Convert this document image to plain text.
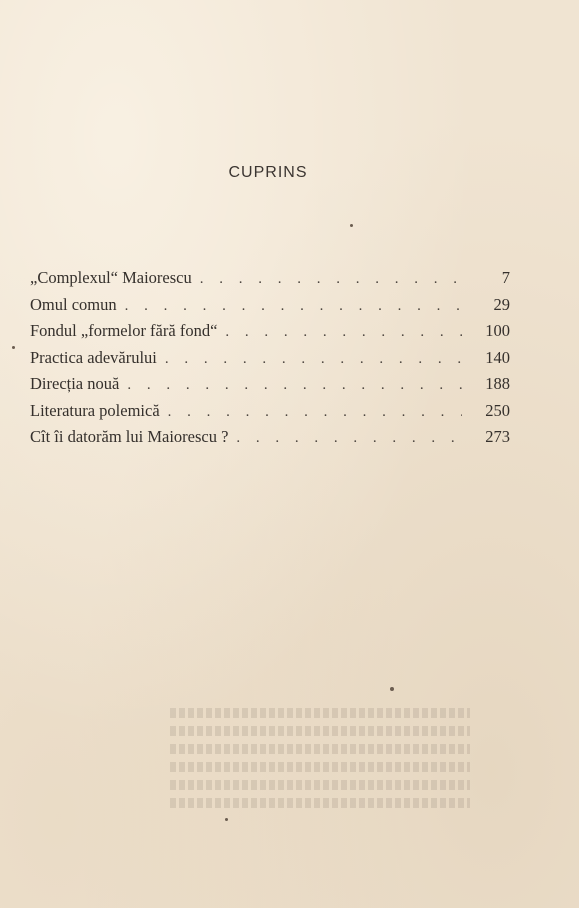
CUPRINS
„Complexul“ Maiorescu . . .	7
Omul comun . . .	29
Fondul „formelor fără fond“ . . .	100
Practica adevărului . . .	140
Direcția nouă . . .	188
Literatura polemică . . .	250
Cît îi datorăm lui Maiorescu ? . . .	273
